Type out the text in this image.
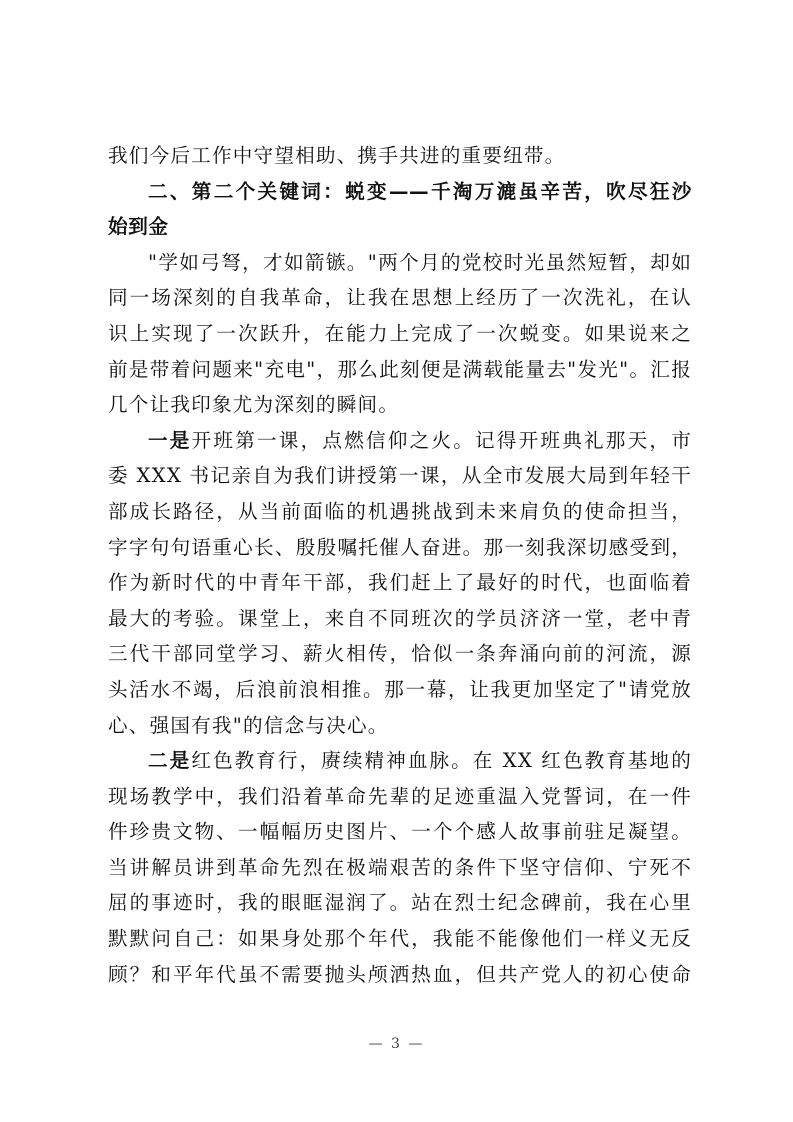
我们今后工作中守望相助、携手共进的重要纽带。
二、第二个关键词：蜕变——千淘万漉虽辛苦，吹尽狂沙
始到金
"学如弓弩，才如箭镞。"两个月的党校时光虽然短暂，却如
同一场深刻的自我革命，让我在思想上经历了一次洗礼，在认
识上实现了一次跃升，在能力上完成了一次蜕变。如果说来之
前是带着问题来"充电"，那么此刻便是满载能量去"发光"。汇报
几个让我印象尤为深刻的瞬间。
一是开班第一课，点燃信仰之火。记得开班典礼那天，市
委 XXX 书记亲自为我们讲授第一课，从全市发展大局到年轻干
部成长路径，从当前面临的机遇挑战到未来肩负的使命担当，
字字句句语重心长、殷殷嘱托催人奋进。那一刻我深切感受到，
作为新时代的中青年干部，我们赶上了最好的时代，也面临着
最大的考验。课堂上，来自不同班次的学员济济一堂，老中青
三代干部同堂学习、薪火相传，恰似一条奔涌向前的河流，源
头活水不竭，后浪前浪相推。那一幕，让我更加坚定了"请党放
心、强国有我"的信念与决心。
二是红色教育行，赓续精神血脉。在 XX 红色教育基地的
现场教学中，我们沿着革命先辈的足迹重温入党誓词，在一件
件珍贵文物、一幅幅历史图片、一个个感人故事前驻足凝望。
当讲解员讲到革命先烈在极端艰苦的条件下坚守信仰、宁死不
屈的事迹时，我的眼眶湿润了。站在烈士纪念碑前，我在心里
默默问自己：如果身处那个年代，我能不能像他们一样义无反
顾？和平年代虽不需要抛头颅洒热血，但共产党人的初心使命
— 3 —
